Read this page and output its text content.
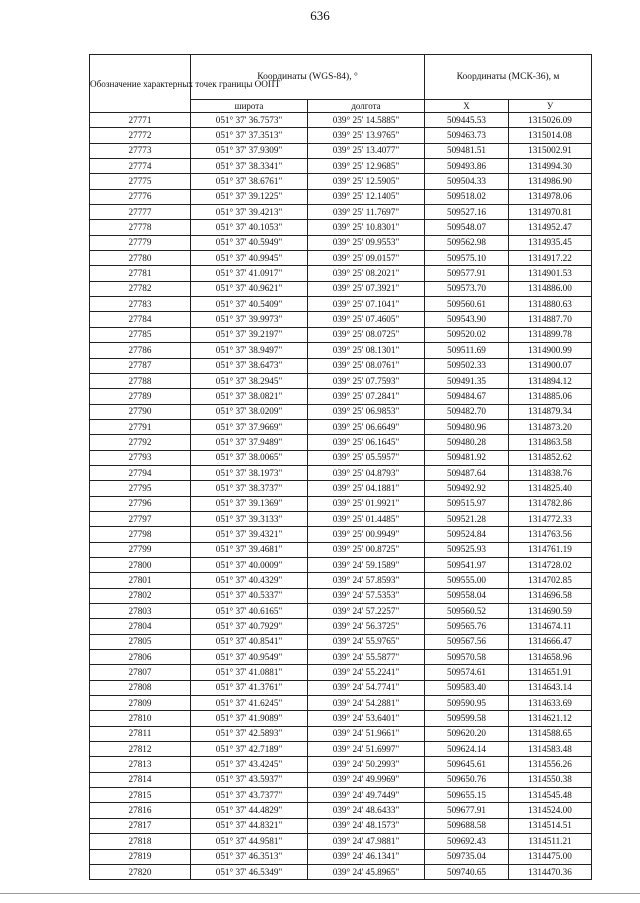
636
Обозначение характерных точек границы ООПТ	Координаты (WGS-84), °		Координаты (МСК-36), м	
	широта	долгота	X	У
27771	051° 37' 36.7573"	039° 25' 14.5885"	509445.53	1315026.09
27772	051° 37' 37.3513"	039° 25' 13.9765"	509463.73	1315014.08
27773	051° 37' 37.9309"	039° 25' 13.4077"	509481.51	1315002.91
27774	051° 37' 38.3341"	039° 25' 12.9685"	509493.86	1314994.30
27775	051° 37' 38.6761"	039° 25' 12.5905"	509504.33	1314986.90
27776	051° 37' 39.1225"	039° 25' 12.1405"	509518.02	1314978.06
27777	051° 37' 39.4213"	039° 25' 11.7697"	509527.16	1314970.81
27778	051° 37' 40.1053"	039° 25' 10.8301"	509548.07	1314952.47
27779	051° 37' 40.5949"	039° 25' 09.9553"	509562.98	1314935.45
27780	051° 37' 40.9945"	039° 25' 09.0157"	509575.10	1314917.22
27781	051° 37' 41.0917"	039° 25' 08.2021"	509577.91	1314901.53
27782	051° 37' 40.9621"	039° 25' 07.3921"	509573.70	1314886.00
27783	051° 37' 40.5409"	039° 25' 07.1041"	509560.61	1314880.63
27784	051° 37' 39.9973"	039° 25' 07.4605"	509543.90	1314887.70
27785	051° 37' 39.2197"	039° 25' 08.0725"	509520.02	1314899.78
27786	051° 37' 38.9497"	039° 25' 08.1301"	509511.69	1314900.99
27787	051° 37' 38.6473"	039° 25' 08.0761"	509502.33	1314900.07
27788	051° 37' 38.2945"	039° 25' 07.7593"	509491.35	1314894.12
27789	051° 37' 38.0821"	039° 25' 07.2841"	509484.67	1314885.06
27790	051° 37' 38.0209"	039° 25' 06.9853"	509482.70	1314879.34
27791	051° 37' 37.9669"	039° 25' 06.6649"	509480.96	1314873.20
27792	051° 37' 37.9489"	039° 25' 06.1645"	509480.28	1314863.58
27793	051° 37' 38.0065"	039° 25' 05.5957"	509481.92	1314852.62
27794	051° 37' 38.1973"	039° 25' 04.8793"	509487.64	1314838.76
27795	051° 37' 38.3737"	039° 25' 04.1881"	509492.92	1314825.40
27796	051° 37' 39.1369"	039° 25' 01.9921"	509515.97	1314782.86
27797	051° 37' 39.3133"	039° 25' 01.4485"	509521.28	1314772.33
27798	051° 37' 39.4321"	039° 25' 00.9949"	509524.84	1314763.56
27799	051° 37' 39.4681"	039° 25' 00.8725"	509525.93	1314761.19
27800	051° 37' 40.0009"	039° 24' 59.1589"	509541.97	1314728.02
27801	051° 37' 40.4329"	039° 24' 57.8593"	509555.00	1314702.85
27802	051° 37' 40.5337"	039° 24' 57.5353"	509558.04	1314696.58
27803	051° 37' 40.6165"	039° 24' 57.2257"	509560.52	1314690.59
27804	051° 37' 40.7929"	039° 24' 56.3725"	509565.76	1314674.11
27805	051° 37' 40.8541"	039° 24' 55.9765"	509567.56	1314666.47
27806	051° 37' 40.9549"	039° 24' 55.5877"	509570.58	1314658.96
27807	051° 37' 41.0881"	039° 24' 55.2241"	509574.61	1314651.91
27808	051° 37' 41.3761"	039° 24' 54.7741"	509583.40	1314643.14
27809	051° 37' 41.6245"	039° 24' 54.2881"	509590.95	1314633.69
27810	051° 37' 41.9089"	039° 24' 53.6401"	509599.58	1314621.12
27811	051° 37' 42.5893"	039° 24' 51.9661"	509620.20	1314588.65
27812	051° 37' 42.7189"	039° 24' 51.6997"	509624.14	1314583.48
27813	051° 37' 43.4245"	039° 24' 50.2993"	509645.61	1314556.26
27814	051° 37' 43.5937"	039° 24' 49.9969"	509650.76	1314550.38
27815	051° 37' 43.7377"	039° 24' 49.7449"	509655.15	1314545.48
27816	051° 37' 44.4829"	039° 24' 48.6433"	509677.91	1314524.00
27817	051° 37' 44.8321"	039° 24' 48.1573"	509688.58	1314514.51
27818	051° 37' 44.9581"	039° 24' 47.9881"	509692.43	1314511.21
27819	051° 37' 46.3513"	039° 24' 46.1341"	509735.04	1314475.00
27820	051° 37' 46.5349"	039° 24' 45.8965"	509740.65	1314470.36
